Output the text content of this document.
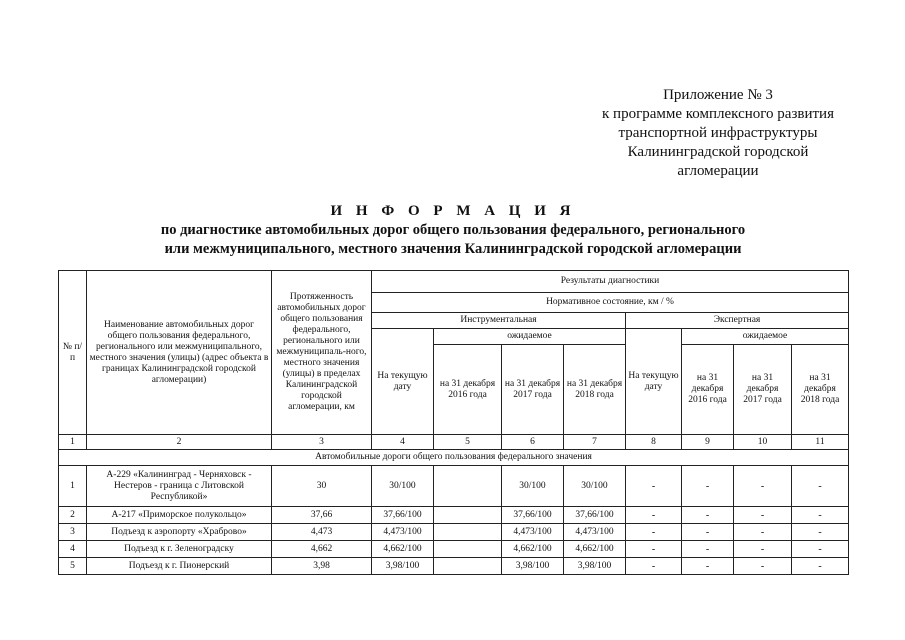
Приложение № 3
к программе комплексного развития
транспортной инфраструктуры
Калининградской городской
агломерации
И Н Ф О Р М А Ц И Я
по диагностике автомобильных дорог общего пользования федерального, регионального
или межмуниципального, местного значения Калининградской городской агломерации
№ п/п	Наименование автомобильных дорог общего пользования федерального, регионального или межмуниципального, местного значения (улицы) (адрес объекта в границах Калининградской городской агломерации)	Протяженность автомобильных дорог общего пользования федерального, регионального или межмуниципаль-ного, местного значения (улицы) в пределах Калининградской городской агломерации, км	Результаты диагностики							
			Нормативное состояние, км / %							
			Инструментальная				Экспертная			
			На текущую дату	ожидаемое			На текущую дату	ожидаемое		
				на 31 декабря 2016 года	на 31 декабря 2017 года	на 31 декабря 2018 года		на 31 декабря 2016 года	на 31 декабря 2017 года	на 31 декабря 2018 года
1	2	3	4	5	6	7	8	9	10	11
Автомобильные дороги общего пользования федерального значения										
1	А-229 «Калининград - Черняховск - Нестеров - граница с Литовской Республикой»	30	30/100		30/100	30/100	-	-	-	-
2	А-217 «Приморское полукольцо»	37,66	37,66/100		37,66/100	37,66/100	-	-	-	-
3	Подъезд к аэропорту «Храброво»	4,473	4,473/100		4,473/100	4,473/100	-	-	-	-
4	Подъезд к г. Зеленоградску	4,662	4,662/100		4,662/100	4,662/100	-	-	-	-
5	Подъезд к г. Пионерский	3,98	3,98/100		3,98/100	3,98/100	-	-	-	-
